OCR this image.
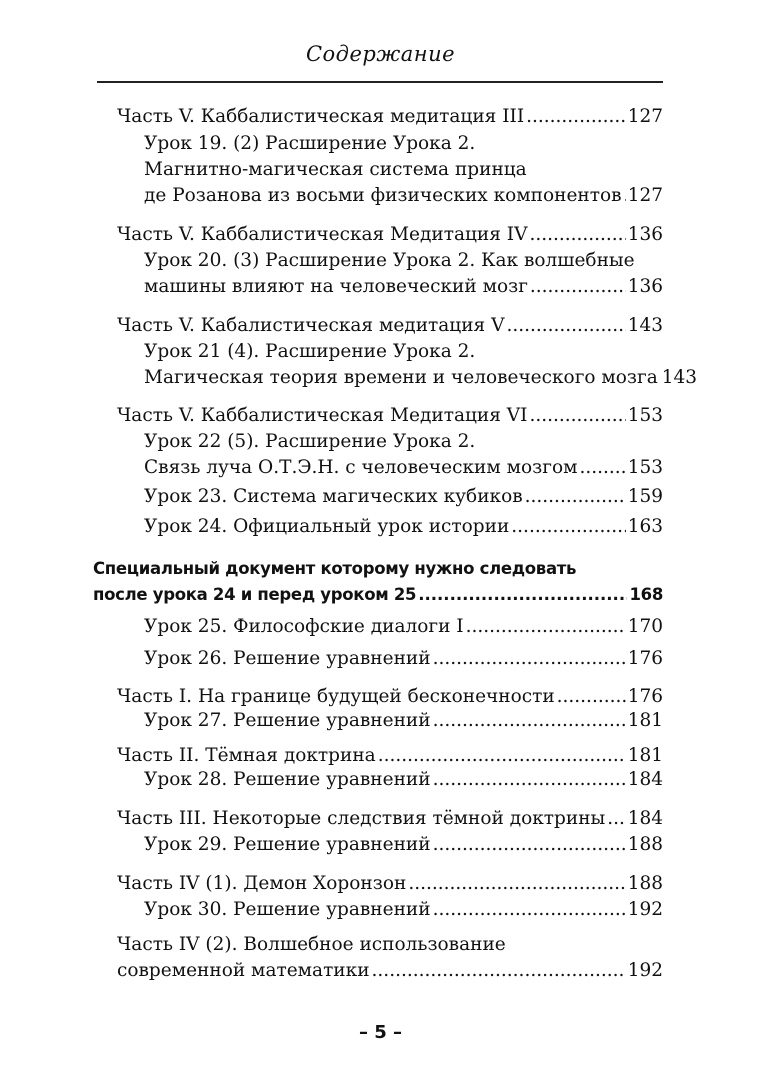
Содержание
Часть V. Каббалистическая медитация III .....	127
Урок 19. (2) Расширение Урока 2.
Магнитно-магическая система принца
де Розанова из восьми физических компонентов ..... 127
Часть V. Каббалистическая Медитация IV .....	136
Урок 20. (3) Расширение Урока 2. Как волшебные
машины влияют на человеческий мозг .....	136
Часть V. Кабалистическая медитация V .....	143
Урок 21 (4). Расширение Урока 2.
Магическая теория времени и человеческого мозга 143
Часть V. Каббалистическая Медитация VI .....	153
Урок 22 (5). Расширение Урока 2.
Связь луча О.Т.Э.Н. с человеческим мозгом .....	153
Урок 23. Система магических кубиков .....	159
Урок 24. Официальный урок истории .....	163
Специальный документ которому нужно следовать
после урока 24 и перед уроком 25 .....	168
Урок 25. Философские диалоги I .....	170
Урок 26. Решение уравнений .....	176
Часть I. На границе будущей бесконечности .....	176
Урок 27. Решение уравнений .....	181
Часть II. Тёмная доктрина .....	181
Урок 28. Решение уравнений .....	184
Часть III. Некоторые следствия тёмной доктрины ..... 184
Урок 29. Решение уравнений .....	188
Часть IV (1). Демон Хоронзон .....	188
Урок 30. Решение уравнений .....	192
Часть IV (2). Волшебное использование
современной математики .....	192
– 5 –
